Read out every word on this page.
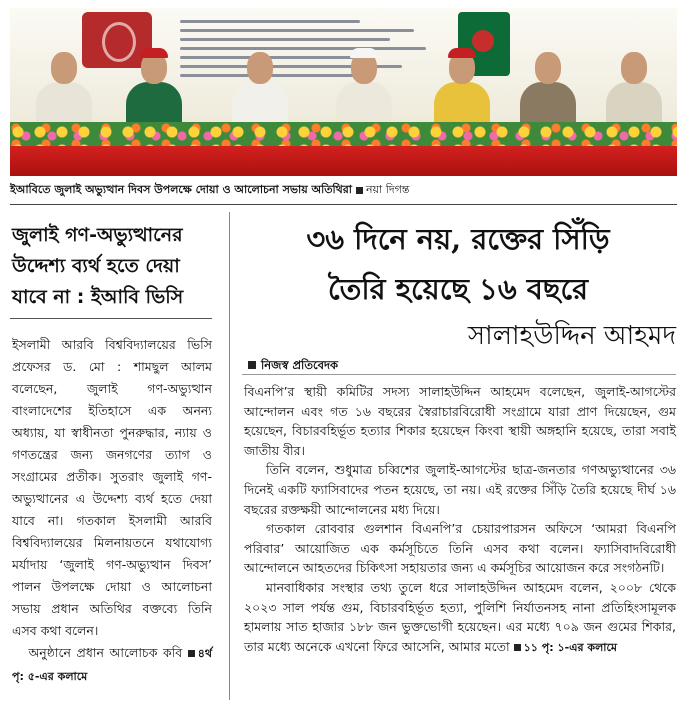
ইআবিতে জুলাই অভ্যুত্থান দিবস উপলক্ষে দোয়া ও আলোচনা সভায় অতিথিরা নয়া দিগন্ত
জুলাই গণ-অভ্যুত্থানের
উদ্দেশ্য ব্যর্থ হতে দেয়া
যাবে না : ইআবি ভিসি
ইসলামী আরবি বিশ্ববিদ্যালয়ের ভিসি প্রফেসর ড. মো : শামছুল আলম বলেছেন, জুলাই গণ-অভ্যুত্থান বাংলাদেশের ইতিহাসে এক অনন্য অধ্যায়, যা স্বাধীনতা পুনরুদ্ধার, ন্যায় ও গণতন্ত্রের জন্য জনগণের ত্যাগ ও সংগ্রামের প্রতীক। সুতরাং জুলাই গণ-অভ্যুত্থানের এ উদ্দেশ্য ব্যর্থ হতে দেয়া যাবে না। গতকাল ইসলামী আরবি বিশ্ববিদ্যালয়ের মিলনায়তনে যথাযোগ্য মর্যাদায় ‘জুলাই গণ-অভ্যুত্থান দিবস’ পালন উপলক্ষে দোয়া ও আলোচনা সভায় প্রধান অতিথির বক্তব্যে তিনি এসব কথা বলেন।
অনুষ্ঠানে প্রধান আলোচক কবি ৪র্থ পৃ: ৫-এর কলামে
৩৬ দিনে নয়, রক্তের সিঁড়ি
তৈরি হয়েছে ১৬ বছরে
সালাহউদ্দিন আহমদ
নিজস্ব প্রতিবেদক

বিএনপি’র স্থায়ী কমিটির সদস্য সালাহউদ্দিন আহমেদ বলেছেন, জুলাই-আগস্টের আন্দোলন এবং গত ১৬ বছরের স্বৈরাচারবিরোধী সংগ্রামে যারা প্রাণ দিয়েছেন, গুম হয়েছেন, বিচারবহির্ভূত হত্যার শিকার হয়েছেন কিংবা স্থায়ী অঙ্গহানি হয়েছে, তারা সবাই জাতীয় বীর।

তিনি বলেন, শুধুমাত্র চব্বিশের জুলাই-আগস্টের ছাত্র-জনতার গণঅভ্যুত্থানের ৩৬ দিনেই একটি ফ্যাসিবাদের পতন হয়েছে, তা নয়। এই রক্তের সিঁড়ি তৈরি হয়েছে দীর্ঘ ১৬ বছরের রক্তক্ষয়ী আন্দোলনের মধ্য দিয়ে।

গতকাল রোববার গুলশান বিএনপি’র চেয়ারপারসন অফিসে ‘আমরা বিএনপি পরিবার’ আয়োজিত এক কর্মসূচিতে তিনি এসব কথা বলেন। ফ্যাসিবাদবিরোধী আন্দোলনে আহতদের চিকিৎসা সহায়তার জন্য এ কর্মসূচির আয়োজন করে সংগঠনটি।

মানবাধিকার সংস্থার তথ্য তুলে ধরে সালাহউদ্দিন আহমেদ বলেন, ২০০৮ থেকে ২০২৩ সাল পর্যন্ত গুম, বিচারবহির্ভূত হত্যা, পুলিশি নির্যাতনসহ নানা প্রতিহিংসামূলক হামলায় সাত হাজার ১৮৮ জন ভুক্তভোগী হয়েছেন। এর মধ্যে ৭০৯ জন গুমের শিকার, তার মধ্যে অনেকে এখনো ফিরে আসেনি, আমার মতো ১১ পৃ: ১-এর কলামে
